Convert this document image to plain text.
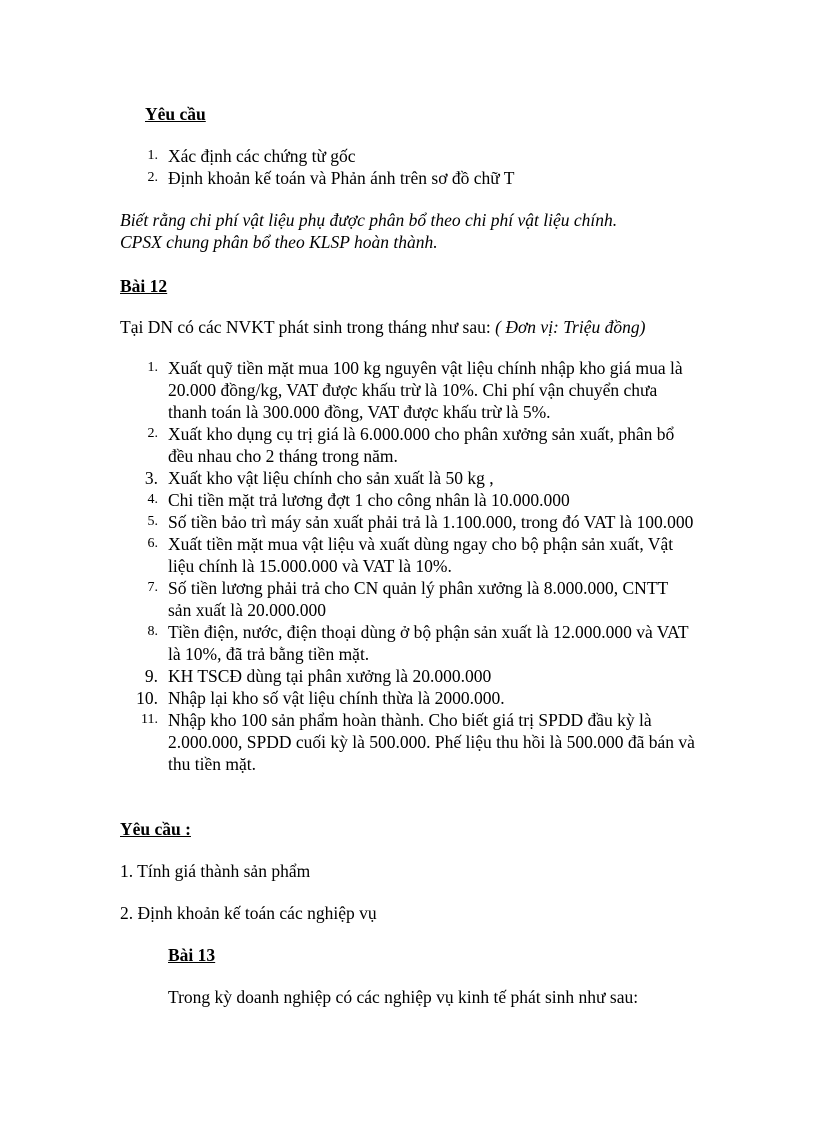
Yêu cầu
1. Xác định các chứng từ gốc
2. Định khoản kế toán và Phản ánh trên sơ đồ chữ T
Biết rằng chi phí vật liệu phụ được phân bổ theo chi phí vật liệu chính.
CPSX chung phân bổ theo KLSP hoàn thành.
Bài 12
Tại DN có các NVKT phát sinh trong tháng như sau: ( Đơn vị: Triệu đồng)
1. Xuất quỹ tiền mặt mua 100 kg nguyên vật liệu chính nhập kho giá mua là 20.000 đồng/kg, VAT được khấu trừ là 10%. Chi phí vận chuyển chưa thanh toán là 300.000 đồng, VAT được khấu trừ là 5%.
2. Xuất kho dụng cụ trị giá là 6.000.000 cho phân xưởng sản xuất, phân bổ đều nhau cho 2 tháng trong năm.
3. Xuất kho vật liệu chính cho sản xuất là 50 kg ,
4. Chi tiền mặt trả lương đợt 1 cho công nhân là 10.000.000
5. Số tiền bảo trì máy sản xuất phải trả là 1.100.000, trong đó VAT là 100.000
6. Xuất tiền mặt mua vật liệu và xuất dùng ngay cho bộ phận sản xuất, Vật liệu chính là 15.000.000 và VAT là 10%.
7. Số tiền lương phải trả cho CN quản lý phân xưởng là 8.000.000, CNTT sản xuất là 20.000.000
8. Tiền điện, nước, điện thoại dùng ở bộ phận sản xuất là 12.000.000 và VAT là 10%, đã trả bằng tiền mặt.
9. KH TSCĐ dùng tại phân xưởng là 20.000.000
10. Nhập lại kho số vật liệu chính thừa là 2000.000.
11. Nhập kho 100 sản phẩm hoàn thành. Cho biết giá trị SPDD đầu kỳ là 2.000.000, SPDD cuối kỳ là 500.000. Phế liệu thu hồi là 500.000 đã bán và thu tiền mặt.
Yêu cầu :
1. Tính giá thành sản phẩm
2. Định khoản kế toán các nghiệp vụ
Bài 13
Trong kỳ doanh nghiệp có các nghiệp vụ kinh tế phát sinh như sau:
